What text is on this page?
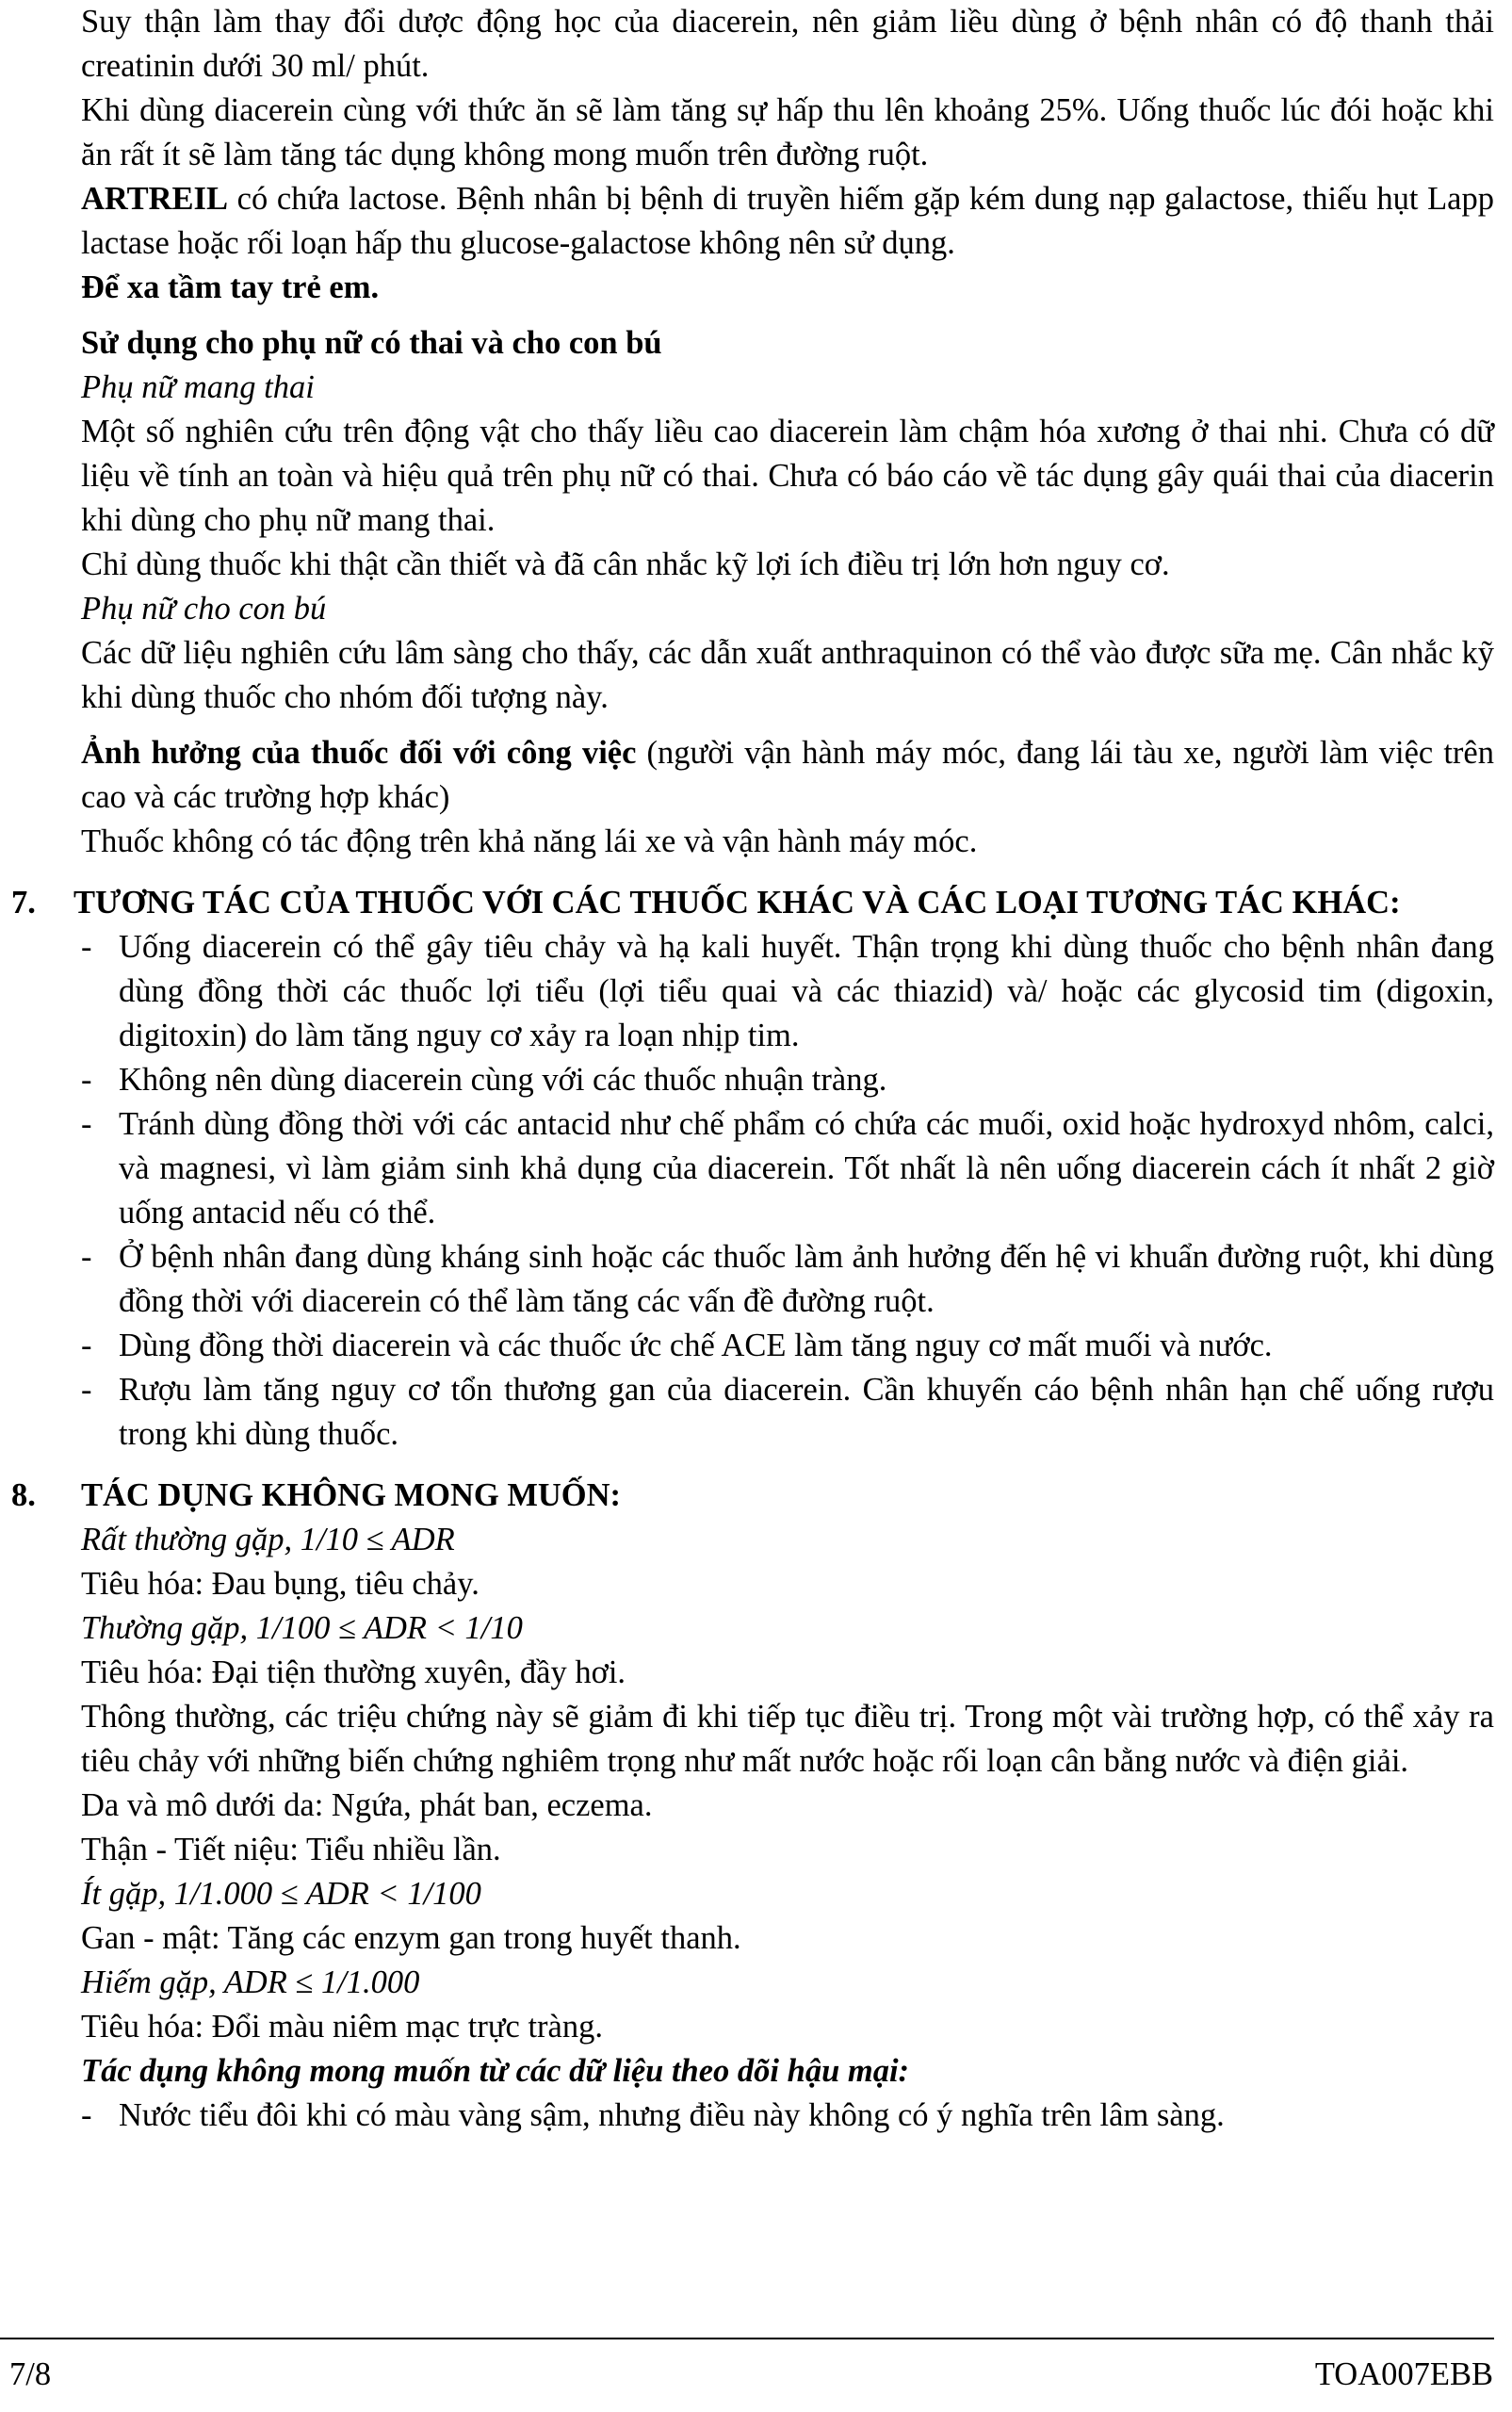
Suy thận làm thay đổi dược động học của diacerein, nên giảm liều dùng ở bệnh nhân có độ thanh thải creatinin dưới 30 ml/ phút.

Khi dùng diacerein cùng với thức ăn sẽ làm tăng sự hấp thu lên khoảng 25%. Uống thuốc lúc đói hoặc khi ăn rất ít sẽ làm tăng tác dụng không mong muốn trên đường ruột.

ARTREIL có chứa lactose. Bệnh nhân bị bệnh di truyền hiếm gặp kém dung nạp galactose, thiếu hụt Lapp lactase hoặc rối loạn hấp thu glucose-galactose không nên sử dụng.

Để xa tầm tay trẻ em.

Sử dụng cho phụ nữ có thai và cho con bú

Phụ nữ mang thai

Một số nghiên cứu trên động vật cho thấy liều cao diacerein làm chậm hóa xương ở thai nhi. Chưa có dữ liệu về tính an toàn và hiệu quả trên phụ nữ có thai. Chưa có báo cáo về tác dụng gây quái thai của diacerin khi dùng cho phụ nữ mang thai.

Chỉ dùng thuốc khi thật cần thiết và đã cân nhắc kỹ lợi ích điều trị lớn hơn nguy cơ.

Phụ nữ cho con bú

Các dữ liệu nghiên cứu lâm sàng cho thấy, các dẫn xuất anthraquinon có thể vào được sữa mẹ. Cân nhắc kỹ khi dùng thuốc cho nhóm đối tượng này.

Ảnh hưởng của thuốc đối với công việc (người vận hành máy móc, đang lái tàu xe, người làm việc trên cao và các trường hợp khác)

Thuốc không có tác động trên khả năng lái xe và vận hành máy móc.

7. TƯƠNG TÁC CỦA THUỐC VỚI CÁC THUỐC KHÁC VÀ CÁC LOẠI TƯƠNG TÁC KHÁC:

- Uống diacerein có thể gây tiêu chảy và hạ kali huyết. Thận trọng khi dùng thuốc cho bệnh nhân đang dùng đồng thời các thuốc lợi tiểu (lợi tiểu quai và các thiazid) và/ hoặc các glycosid tim (digoxin, digitoxin) do làm tăng nguy cơ xảy ra loạn nhịp tim.
- Không nên dùng diacerein cùng với các thuốc nhuận tràng.
- Tránh dùng đồng thời với các antacid như chế phẩm có chứa các muối, oxid hoặc hydroxyd nhôm, calci, và magnesi, vì làm giảm sinh khả dụng của diacerein. Tốt nhất là nên uống diacerein cách ít nhất 2 giờ uống antacid nếu có thể.
- Ở bệnh nhân đang dùng kháng sinh hoặc các thuốc làm ảnh hưởng đến hệ vi khuẩn đường ruột, khi dùng đồng thời với diacerein có thể làm tăng các vấn đề đường ruột.
- Dùng đồng thời diacerein và các thuốc ức chế ACE làm tăng nguy cơ mất muối và nước.
- Rượu làm tăng nguy cơ tổn thương gan của diacerein. Cần khuyến cáo bệnh nhân hạn chế uống rượu trong khi dùng thuốc.
8. TÁC DỤNG KHÔNG MONG MUỐN:

Rất thường gặp, 1/10 ≤ ADR

Tiêu hóa: Đau bụng, tiêu chảy.

Thường gặp, 1/100 ≤ ADR < 1/10

Tiêu hóa: Đại tiện thường xuyên, đầy hơi.

Thông thường, các triệu chứng này sẽ giảm đi khi tiếp tục điều trị. Trong một vài trường hợp, có thể xảy ra tiêu chảy với những biến chứng nghiêm trọng như mất nước hoặc rối loạn cân bằng nước và điện giải.

Da và mô dưới da: Ngứa, phát ban, eczema.

Thận - Tiết niệu: Tiểu nhiều lần.

Ít gặp, 1/1.000 ≤ ADR < 1/100

Gan - mật: Tăng các enzym gan trong huyết thanh.

Hiếm gặp, ADR ≤ 1/1.000

Tiêu hóa: Đổi màu niêm mạc trực tràng.

Tác dụng không mong muốn từ các dữ liệu theo dõi hậu mại:

- Nước tiểu đôi khi có màu vàng sậm, nhưng điều này không có ý nghĩa trên lâm sàng.
7/8	TOA007EBB
